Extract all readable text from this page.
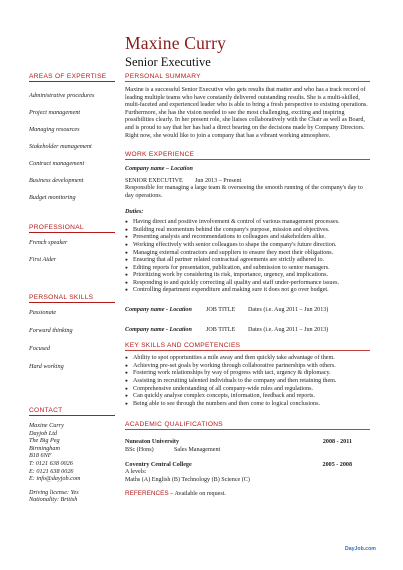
Maxine Curry
Senior Executive
AREAS OF EXPERTISE
Administrative procedures
Project management
Managing resources
Stakeholder management
Contract management
Business development
Budget monitoring
PROFESSIONAL
French speaker
First Aider
PERSONAL SKILLS
Passionate
Forward thinking
Focused
Hard working
CONTACT
Maxine Curry
Dayjob Ltd
The Big Peg
Birmingham
B18 6NF
T: 0121 638 0026
E: 0121 638 0026
E: info@dayjob.com
Driving license: Yes
Nationality: British
PERSONAL SUMMARY
Maxine is a successful Senior Executive who gets results that matter and who has a track record of leading multiple teams who have constantly delivered outstanding results. She is a multi-skilled, multi-faceted and experienced leader who is able to bring a fresh perspective to existing operations. Furthermore, she has the vision needed to see the most challenging, exciting and inspiring possibilities clearly. In her present role, she liaises collaboratively with the Chair as well as Board, and is proud to say that her has had a direct bearing on the decisions made by Company Directors. Right now, she would like to join a company that has a vibrant working atmosphere.
WORK EXPERIENCE
Company name – Location
SENIOR EXECUTIVE	Jun 2013 – Present
Responsible for managing a large team & overseeing the smooth running of the company's day to day operations.
Duties:
● Having direct and positive involvement & control of various management processes.
● Building real momentum behind the company's purpose, mission and objectives.
● Presenting analysis and recommendations to colleagues and stakeholders alike.
● Working effectively with senior colleagues to shape the company's future direction.
● Managing external contractors and suppliers to ensure they meet their obligations.
● Ensuring that all partner related contractual agreements are strictly adhered to.
● Editing reports for presentation, publication, and submission to senior managers.
● Prioritizing work by considering its risk, importance, urgency, and implications.
● Responding to and quickly correcting all quality and staff under-performance issues.
● Controlling department expenditure and making sure it does not go over budget.
Company name - Location	JOB TITLE	Dates (i.e. Aug 2011 – Jun 2013)
Company name - Location	JOB TITLE	Dates (i.e. Aug 2011 – Jun 2013)
KEY SKILLS AND COMPETENCIES
● Ability to spot opportunities a mile away and then quickly take advantage of them.
● Achieving pre-set goals by working through collaborative partnerships with others.
● Fostering work relationships by way of progress with tact, urgency & diplomacy.
● Assisting in recruiting talented individuals to the company and then retaining them.
● Comprehensive understanding of all company-wide rules and regulations.
● Can quickly analyse complex concepts, information, feedback and reports.
● Being able to see through the numbers and then come to logical conclusions.
ACADEMIC QUALIFICATIONS
Nuneaton University	2008 - 2011
BSc (Hons)	Sales Management
Coventry Central College	2005 - 2008
A levels:
Maths (A) English (B) Technology (B) Science (C)
REFERENCES – Available on request.
DayJob.com
